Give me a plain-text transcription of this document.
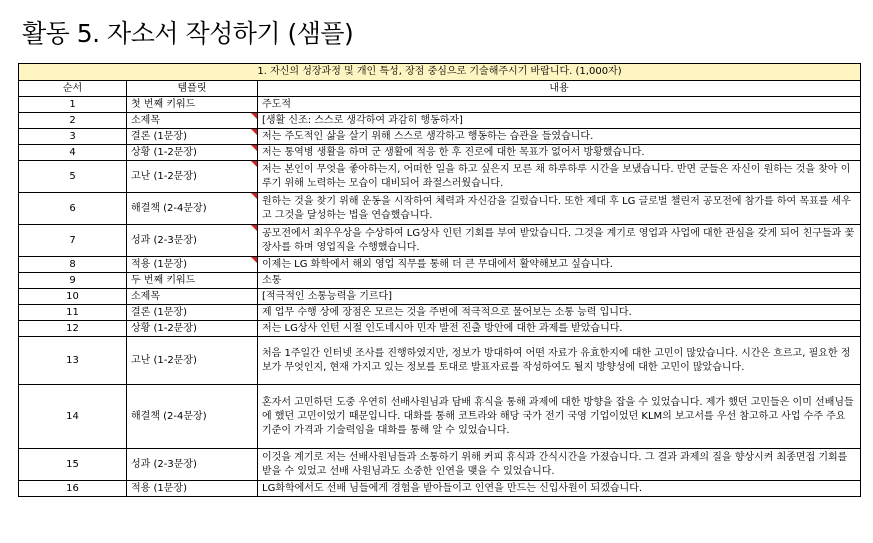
활동 5. 자소서 작성하기 (샘플)
1. 자신의 성장과정 및 개인 특성, 장점 중심으로 기술해주시기 바랍니다. (1,000자)		
순서	템플릿	내용
1	첫 번째 키워드	주도적
2	소제목	[생활 신조: 스스로 생각하여 과감히 행동하자]
3	결론 (1문장)	저는 주도적인 삶을 살기 위해 스스로 생각하고 행동하는 습관을 들였습니다.
4	상황 (1-2문장)	저는 통역병 생활을 하며 군 생활에 적응 한 후 진로에 대한 목표가 없어서 방황했습니다.
5	고난 (1-2문장)	저는 본인이 무엇을 좋아하는지, 어떠한 일을 하고 싶은지 모른 채 하루하루 시간을 보냈습니다. 반면 군들은 자신이 원하는 것을 찾아 이루기 위해 노력하는 모습이 대비되어 좌절스러웠습니다.
6	해결책 (2-4문장)	원하는 것을 찾기 위해 운동을 시작하여 체력과 자신감을 길렀습니다. 또한 제대 후 LG 글로벌 챌린저 공모전에 참가를 하여 목표를 세우고 그것을 달성하는 법을 연습했습니다.
7	성과 (2-3문장)	공모전에서 최우우상을 수상하여 LG상사 인턴 기회를 부여 받았습니다. 그것을 계기로 영업과 사업에 대한 관심을 갖게 되어 친구들과 꽃 장사를 하며 영업직을 수행했습니다.
8	적용 (1문장)	이제는 LG 화학에서 해외 영업 직무를 통해 더 큰 무대에서 활약해보고 싶습니다.
9	두 번째 키워드	소통
10	소제목	[적극적인 소통능력을 기르다]
11	결론 (1문장)	제 업무 수행 상에 장점은 모르는 것을 주변에 적극적으로 물어보는 소통 능력 입니다.
12	상황 (1-2문장)	저는 LG상사 인턴 시절 인도네시아 민자 발전 진출 방안에 대한 과제를 받았습니다.
13	고난 (1-2문장)	처음 1주일간 인터넷 조사를 진행하였지만, 정보가 방대하여 어떤 자료가 유효한지에 대한 고민이 많았습니다. 시간은 흐르고, 필요한 정보가 무엇인지, 현재 가지고 있는 정보를 토대로 발표자료를 작성하여도 될지 방향성에 대한 고민이 많았습니다.
14	해결책 (2-4문장)	혼자서 고민하던 도중 우연히 선배사원님과 담배 휴식을 통해 과제에 대한 방향을 잡을 수 있었습니다. 제가 했던 고민들은 이미 선배님들에 했던 고민이었기 때문입니다. 대화를 통해 코트라와 해당 국가 전기 국영 기업이었던 KLM의 보고서를 우선 참고하고 사업 수주 주요 기준이 가격과 기술력임을 대화를 통해 알 수 있었습니다.
15	성과 (2-3문장)	이것을 계기로 저는 선배사원님들과 소통하기 위해 커피 휴식과 간식시간을 가졌습니다. 그 결과 과제의 질을 향상시켜 최종면접 기회를 받을 수 있었고 선배 사원님과도 소중한 인연을 맺을 수 있었습니다.
16	적용 (1문장)	LG화학에서도 선배 님들에게 경험을 받아들이고 인연을 만드는 신입사원이 되겠습니다.
